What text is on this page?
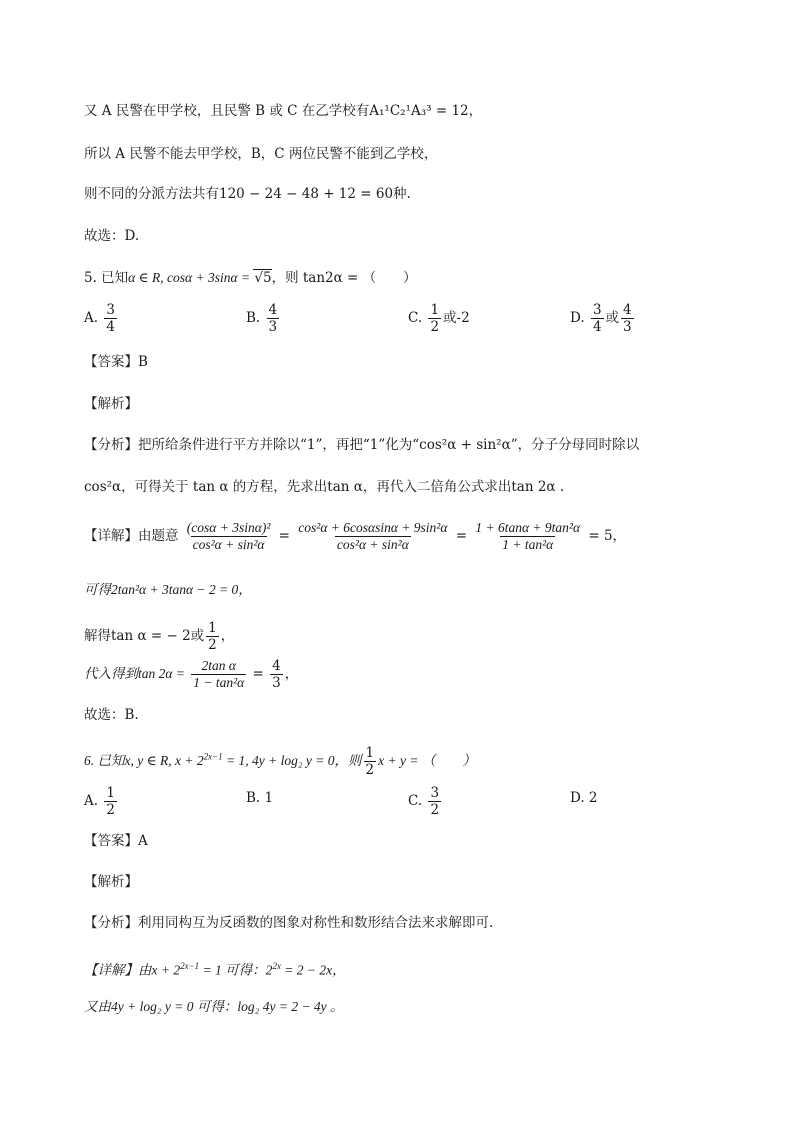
又 A 民警在甲学校，且民警 B 或 C 在乙学校有A₁¹C₂¹A₃³ = 12，
所以 A 民警不能去甲学校，B，C 两位民警不能到乙学校，
则不同的分派方法共有120 − 24 − 48 + 12 = 60种.
故选：D.
5. 已知α ∈ R, cosα + 3sinα = √5，则 tan2α = （　　）
A. $\frac{3}{4}$	B. $\frac{4}{3}$	C. $\frac{1}{2}$ 或-2	D. $\frac{3}{4}$ 或 $\frac{4}{3}$
【答案】B
【解析】
【分析】把所给条件进行平方并除以“1”，再把“1”化为“cos²α + sin²α”，分子分母同时除以
cos²α，可得关于 tan α 的方程，先求出tan α，再代入二倍角公式求出tan 2α .
【详解】由题意 $\frac{\text{(cosα + 3sinα)²}}{\text{cos²α + sin²α}} = \frac{\text{cos²α + 6cosαsinα + 9sin²α}}{\text{cos²α + sin²α}} = \frac{\text{1 + 6tanα + 9tan²α}}{\text{1 + tan²α}} = 5$，
可得2tan²α + 3tanα − 2 = 0，
解得tan α = − 2或 $\frac{1}{2}$ ，
代入得到$\tan 2\alpha = \frac{\text{2tan α}}{\text{1 − tan²α}} = \frac{4}{3}$ ，
故选：B.
6. 已知x, y ∈ R, $x + 2^{2x-1} = 1$, 4y + log₂ y = 0，则 $\frac{1}{2}$ x + y = （　　）
A. $\frac{1}{2}$	B. 1	C. $\frac{3}{2}$	D. 2
【答案】A
【解析】
【分析】利用同构互为反函数的图象对称性和数形结合法来求解即可.
【详解】由$x + 2^{2x-1} = 1$ 可得：$2^{2x} = 2 - 2x$，
又由4y + log₂ y = 0 可得：log₂ 4y = 2 − 4y 。
